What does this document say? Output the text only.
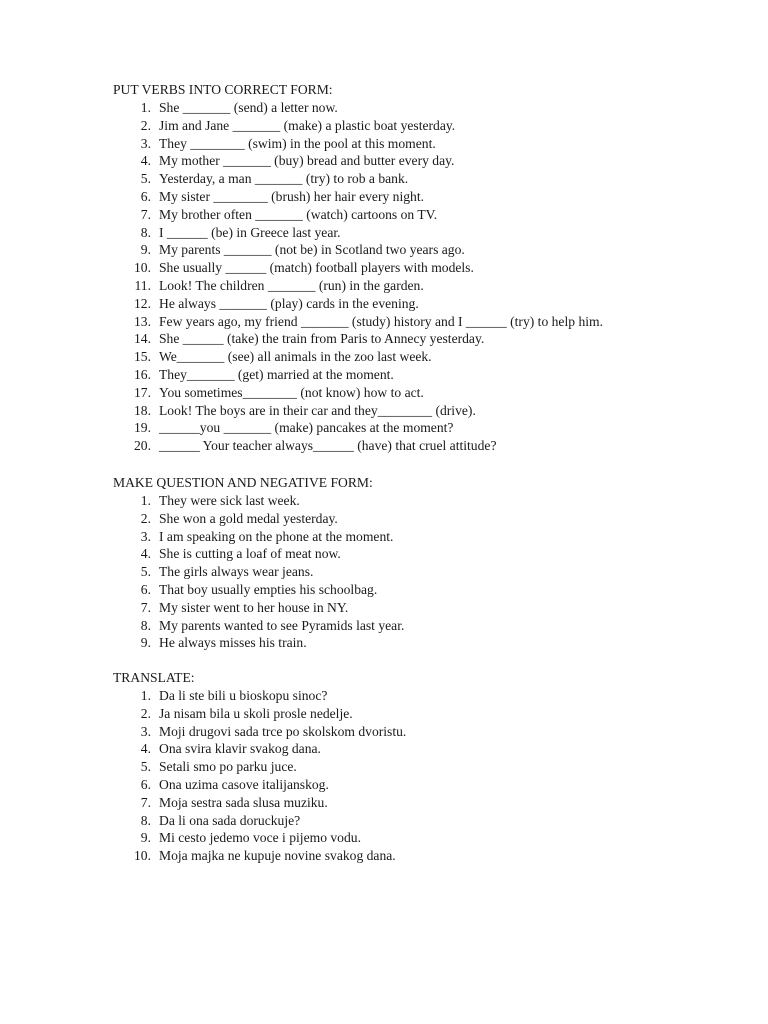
PUT VERBS INTO CORRECT FORM:
1. She _______ (send) a letter now.
2. Jim and Jane _______ (make) a plastic boat yesterday.
3. They ________ (swim) in the pool at this moment.
4. My mother _______ (buy) bread and butter every day.
5. Yesterday, a man _______ (try) to rob a bank.
6. My sister ________ (brush) her hair every night.
7. My brother often _______ (watch) cartoons on TV.
8. I ______ (be) in Greece last year.
9. My parents _______ (not be) in Scotland two years ago.
10. She usually ______ (match) football players with models.
11. Look! The children _______ (run) in the garden.
12. He always _______ (play) cards in the evening.
13. Few years ago, my friend _______ (study) history and I ______ (try) to help him.
14. She ______ (take) the train from Paris to Annecy yesterday.
15. We_______ (see) all animals in the zoo last week.
16. They_______ (get) married at the moment.
17. You sometimes________ (not know) how to act.
18. Look! The boys are in their car and they________ (drive).
19. ______you _______ (make) pancakes at the moment?
20. ______ Your teacher always______ (have) that cruel attitude?
MAKE QUESTION AND NEGATIVE FORM:
1. They were sick last week.
2. She won a gold medal yesterday.
3. I am speaking on the phone at the moment.
4. She is cutting a loaf of meat now.
5. The girls always wear jeans.
6. That boy usually empties his schoolbag.
7. My sister went to her house in NY.
8. My parents wanted to see Pyramids last year.
9. He always misses his train.
TRANSLATE:
1. Da li ste bili u bioskopu sinoc?
2. Ja nisam bila u skoli prosle nedelje.
3. Moji drugovi sada trce po skolskom dvoristu.
4. Ona svira klavir svakog dana.
5. Setali smo po parku juce.
6. Ona uzima casove italijanskog.
7. Moja sestra sada slusa muziku.
8. Da li ona sada doruckuje?
9. Mi cesto jedemo voce i pijemo vodu.
10. Moja majka ne kupuje novine svakog dana.
